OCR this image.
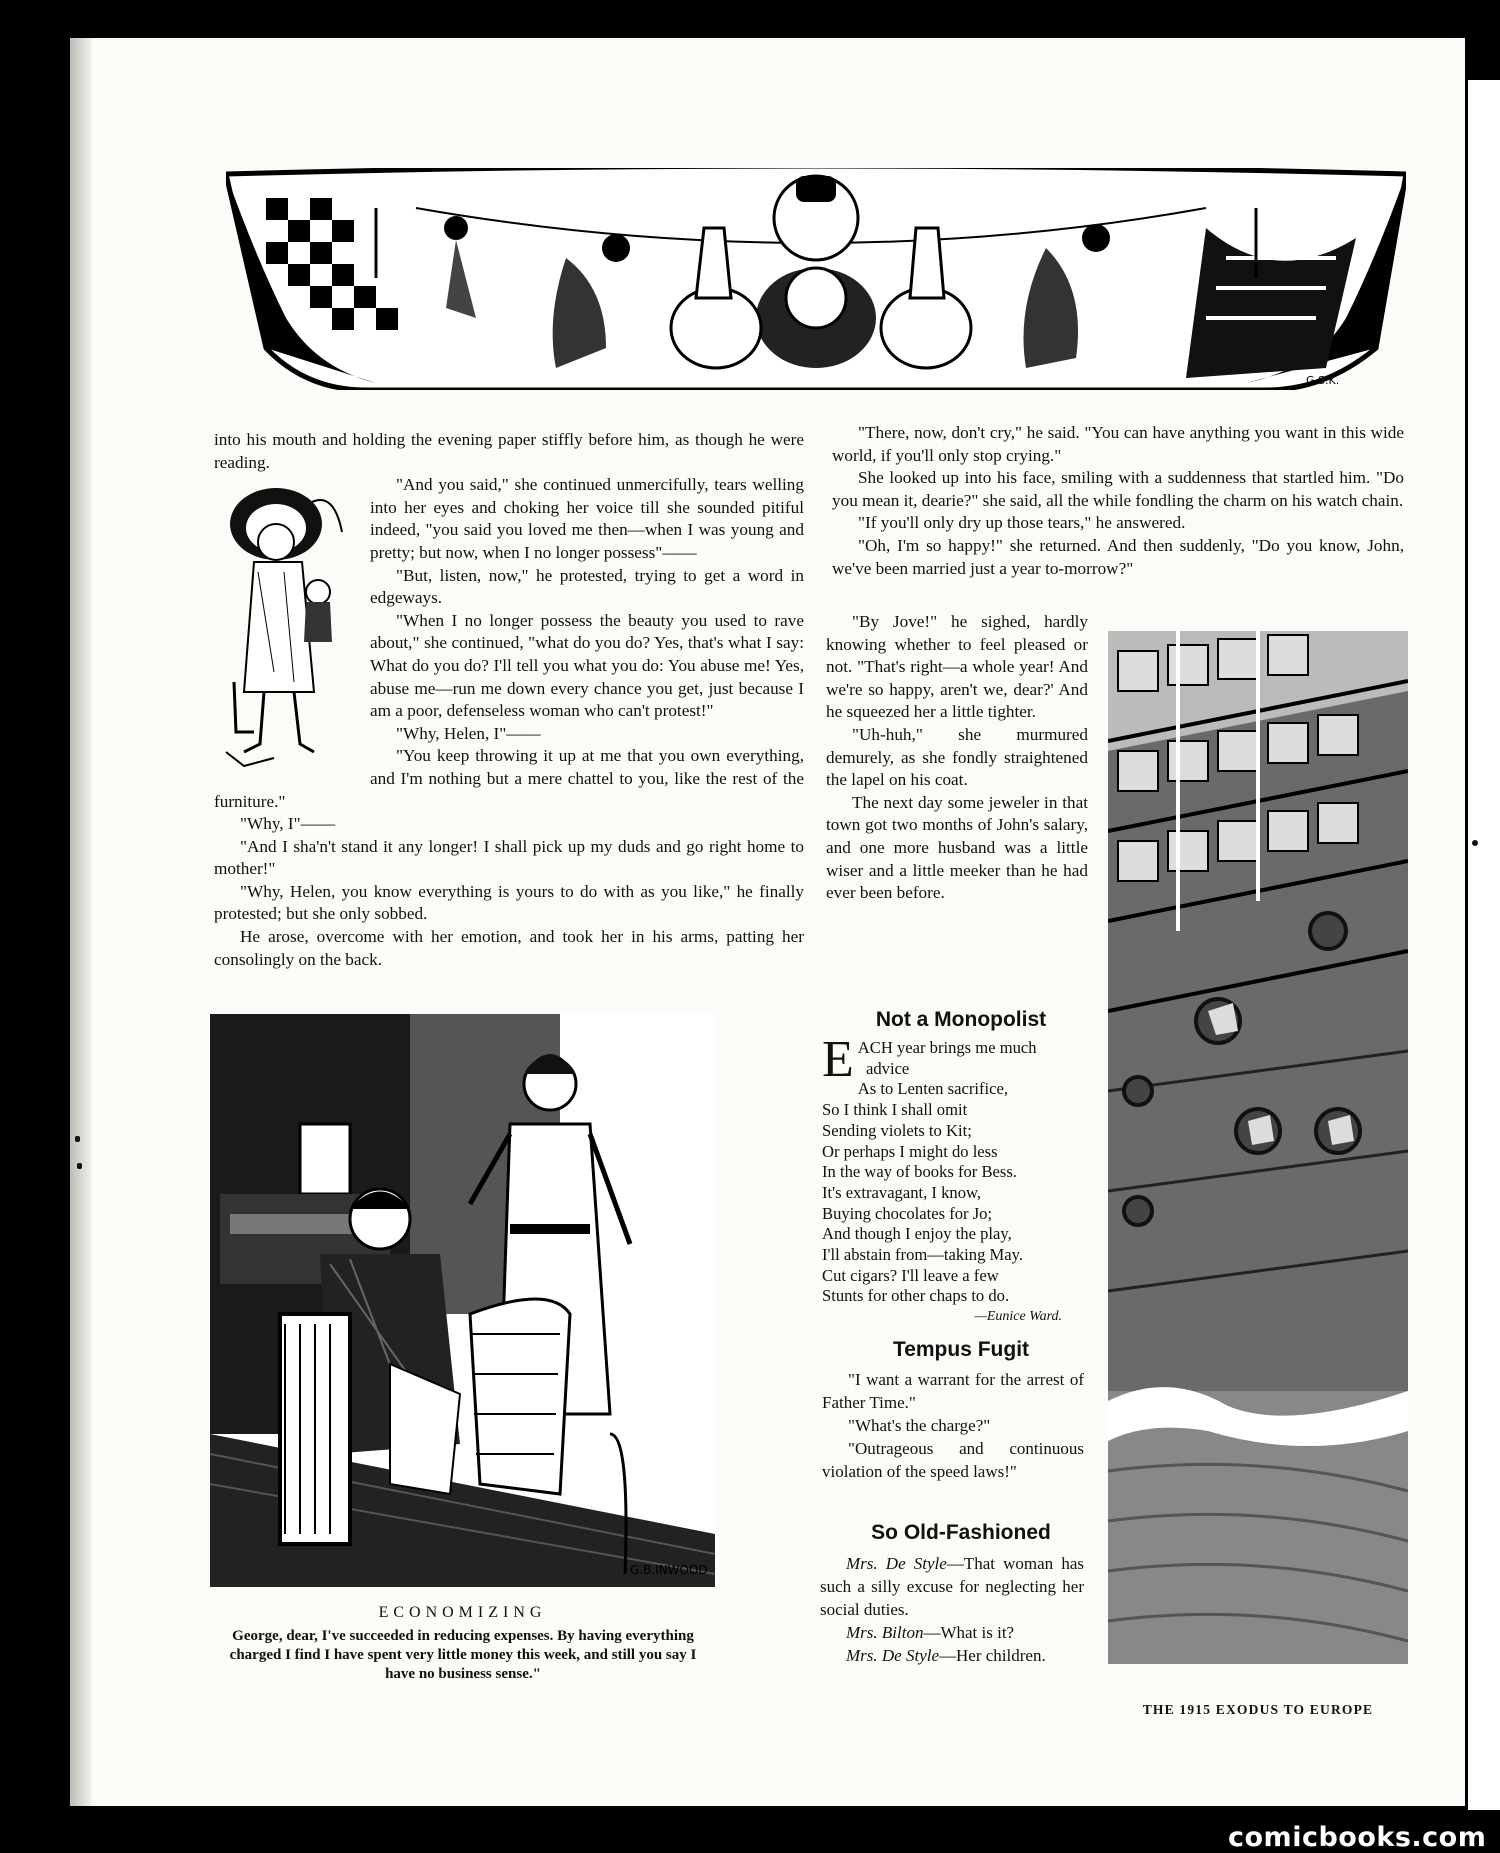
G.S.K.

into his mouth and holding the evening paper stiffly before him, as though he were reading.

"And you said," she continued unmercifully, tears welling into her eyes and choking her voice till she sounded pitiful indeed, "you said you loved me then—when I was young and pretty; but now, when I no longer possess"——

"But, listen, now," he protested, trying to get a word in edgeways.

"When I no longer possess the beauty you used to rave about," she continued, "what do you do? Yes, that's what I say: What do you do? I'll tell you what you do: You abuse me! Yes, abuse me—run me down every chance you get, just because I am a poor, defenseless woman who can't protest!"

"Why, Helen, I"——

"You keep throwing it up at me that you own everything, and I'm nothing but a mere chattel to you, like the rest of the furniture."

"Why, I"——

"And I sha'n't stand it any longer! I shall pick up my duds and go right home to mother!"

"Why, Helen, you know everything is yours to do with as you like," he finally protested; but she only sobbed.

He arose, overcome with her emotion, and took her in his arms, patting her consolingly on the back.

"There, now, don't cry," he said. "You can have anything you want in this wide world, if you'll only stop crying."

She looked up into his face, smiling with a suddenness that startled him. "Do you mean it, dearie?" she said, all the while fondling the charm on his watch chain.

"If you'll only dry up those tears," he answered.

"Oh, I'm so happy!" she returned. And then suddenly, "Do you know, John, we've been married just a year to-morrow?"

"By Jove!" he sighed, hardly knowing whether to feel pleased or not. "That's right—a whole year! And we're so happy, aren't we, dear?' And he squeezed her a little tighter.

"Uh-huh," she murmured demurely, as she fondly straightened the lapel on his coat.

The next day some jeweler in that town got two months of John's salary, and one more husband was a little wiser and a little meeker than he had ever been before.

G.B.INWOOD
ECONOMIZING
George, dear, I've succeeded in reducing expenses. By having everything charged I find I have spent very little money this week, and still you say I have no business sense."
Not a Monopolist
E ACH year brings me much
advice
As to Lenten sacrifice,
So I think I shall omit
Sending violets to Kit;
Or perhaps I might do less
In the way of books for Bess.
It's extravagant, I know,
Buying chocolates for Jo;
And though I enjoy the play,
I'll abstain from—taking May.
Cut cigars? I'll leave a few
Stunts for other chaps to do.
—Eunice Ward.
Tempus Fugit

"I want a warrant for the arrest of Father Time."

"What's the charge?"

"Outrageous and continuous violation of the speed laws!"

So Old-Fashioned

Mrs. De Style—That woman has such a silly excuse for neglecting her social duties.

Mrs. Bilton—What is it?

Mrs. De Style—Her children.

THE 1915 EXODUS TO EUROPE
comicbooks.com
